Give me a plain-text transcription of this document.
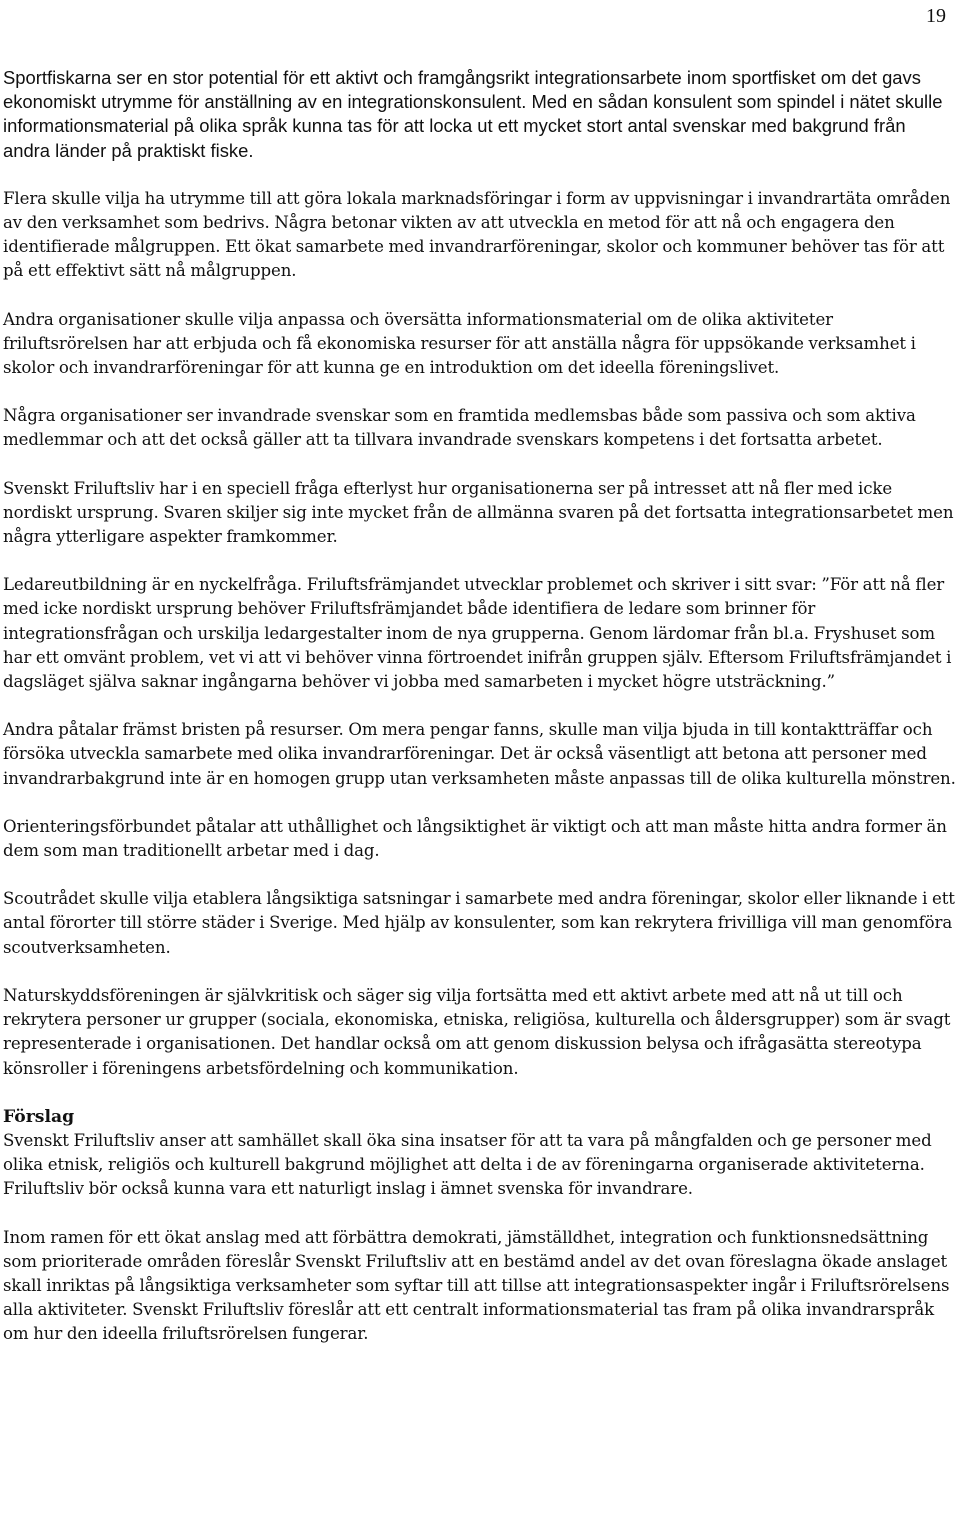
19

Sportfiskarna ser en stor potential för ett aktivt och framgångsrikt integrationsarbete inom sportfisket om det gavs ekonomiskt utrymme för anställning av en integrationskonsulent. Med en sådan konsulent som spindel i nätet skulle informationsmaterial på olika språk kunna tas för att locka ut ett mycket stort antal svenskar med bakgrund från andra länder på praktiskt fiske.

Flera skulle vilja ha utrymme till att göra lokala marknadsföringar i form av uppvisningar i invandrartäta områden av den verksamhet som bedrivs. Några betonar vikten av att utveckla en metod för att nå och engagera den identifierade målgruppen. Ett ökat samarbete med invandrarföreningar, skolor och kommuner behöver tas för att på ett effektivt sätt nå målgruppen.

Andra organisationer skulle vilja anpassa och översätta informationsmaterial om de olika aktiviteter friluftsrörelsen har att erbjuda och få ekonomiska resurser för att anställa några för uppsökande verksamhet i skolor och invandrarföreningar för att kunna ge en introduktion om det ideella föreningslivet.

Några organisationer ser invandrade svenskar som en framtida medlemsbas både som passiva och som aktiva medlemmar och att det också gäller att ta tillvara invandrade svenskars kompetens i det fortsatta arbetet.

Svenskt Friluftsliv har i en speciell fråga efterlyst hur organisationerna ser på intresset att nå fler med icke nordiskt ursprung. Svaren skiljer sig inte mycket från de allmänna svaren på det fortsatta integrationsarbetet men några ytterligare aspekter framkommer.

Ledareutbildning är en nyckelfråga. Friluftsfrämjandet utvecklar problemet och skriver i sitt svar: ”För att nå fler med icke nordiskt ursprung behöver Friluftsfrämjandet både identifiera de ledare som brinner för integrationsfrågan och urskilja ledargestalter inom de nya grupperna. Genom lärdomar från bl.a. Fryshuset som har ett omvänt problem, vet vi att vi behöver vinna förtroendet inifrån gruppen själv. Eftersom Friluftsfrämjandet i dagsläget själva saknar ingångarna behöver vi jobba med samarbeten i mycket högre utsträckning.”

Andra påtalar främst bristen på resurser. Om mera pengar fanns, skulle man vilja bjuda in till kontaktträffar och försöka utveckla samarbete med olika invandrarföreningar. Det är också väsentligt att betona att personer med invandrarbakgrund inte är en homogen grupp utan verksamheten måste anpassas till de olika kulturella mönstren.

Orienteringsförbundet påtalar att uthållighet och långsiktighet är viktigt och att man måste hitta andra former än dem som man traditionellt arbetar med i dag.

Scoutrådet skulle vilja etablera långsiktiga satsningar i samarbete med andra föreningar, skolor eller liknande i ett antal förorter till större städer i Sverige. Med hjälp av konsulenter, som kan rekrytera frivilliga vill man genomföra scoutverksamheten.

Naturskyddsföreningen är självkritisk och säger sig vilja fortsätta med ett aktivt arbete med att nå ut till och rekrytera personer ur grupper (sociala, ekonomiska, etniska, religiösa, kulturella och åldersgrupper) som är svagt representerade i organisationen. Det handlar också om att genom diskussion belysa och ifrågasätta stereotypa könsroller i föreningens arbetsfördelning och kommunikation.

Förslag

Svenskt Friluftsliv anser att samhället skall öka sina insatser för att ta vara på mångfalden och ge personer med olika etnisk, religiös och kulturell bakgrund möjlighet att delta i de av föreningarna organiserade aktiviteterna. Friluftsliv bör också kunna vara ett naturligt inslag i ämnet svenska för invandrare.

Inom ramen för ett ökat anslag med att förbättra demokrati, jämställdhet, integration och funktionsnedsättning som prioriterade områden föreslår Svenskt Friluftsliv att en bestämd andel av det ovan föreslagna ökade anslaget skall inriktas på långsiktiga verksamheter som syftar till att tillse att integrationsaspekter ingår i Friluftsrörelsens alla aktiviteter. Svenskt Friluftsliv föreslår att ett centralt informationsmaterial tas fram på olika invandrarspråk om hur den ideella friluftsrörelsen fungerar.
